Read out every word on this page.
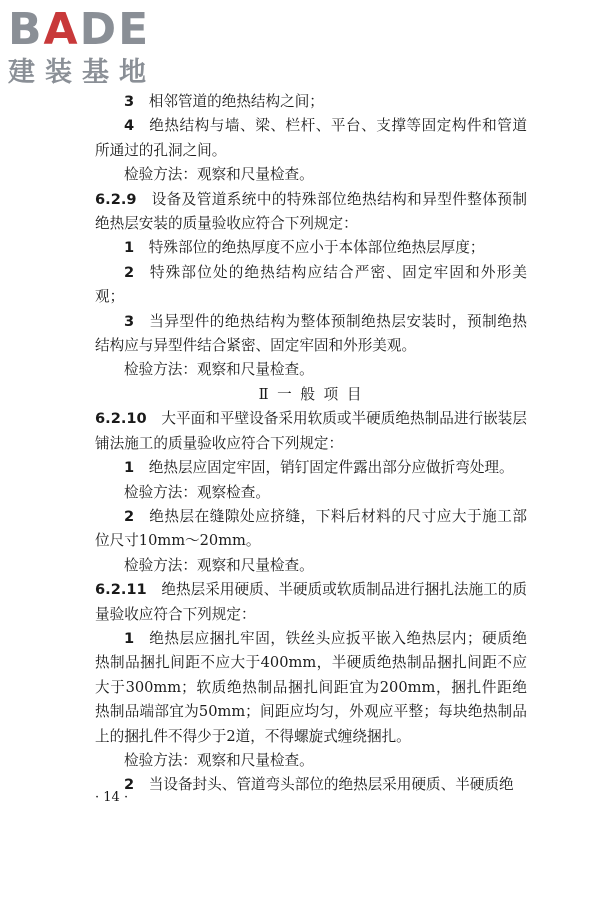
BADE
建装基地

3   相邻管道的绝热结构之间；

4   绝热结构与墙、梁、栏杆、平台、支撑等固定构件和管道所通过的孔洞之间。

检验方法：观察和尺量检查。

6.2.9   设备及管道系统中的特殊部位绝热结构和异型件整体预制绝热层安装的质量验收应符合下列规定：

1   特殊部位的绝热厚度不应小于本体部位绝热层厚度；

2   特殊部位处的绝热结构应结合严密、固定牢固和外形美观；

3   当异型件的绝热结构为整体预制绝热层安装时，预制绝热结构应与异型件结合紧密、固定牢固和外形美观。

检验方法：观察和尺量检查。

Ⅱ 一 般 项 目

6.2.10   大平面和平壁设备采用软质或半硬质绝热制品进行嵌装层铺法施工的质量验收应符合下列规定：

1   绝热层应固定牢固，销钉固定件露出部分应做折弯处理。

检验方法：观察检查。

2   绝热层在缝隙处应挤缝，下料后材料的尺寸应大于施工部位尺寸10mm～20mm。

检验方法：观察和尺量检查。

6.2.11   绝热层采用硬质、半硬质或软质制品进行捆扎法施工的质量验收应符合下列规定：

1   绝热层应捆扎牢固，铁丝头应扳平嵌入绝热层内；硬质绝热制品捆扎间距不应大于400mm，半硬质绝热制品捆扎间距不应大于300mm；软质绝热制品捆扎间距宜为200mm，捆扎件距绝热制品端部宜为50mm；间距应均匀，外观应平整；每块绝热制品上的捆扎件不得少于2道，不得螺旋式缠绕捆扎。

检验方法：观察和尺量检查。

2   当设备封头、管道弯头部位的绝热层采用硬质、半硬质绝

· 14 ·
